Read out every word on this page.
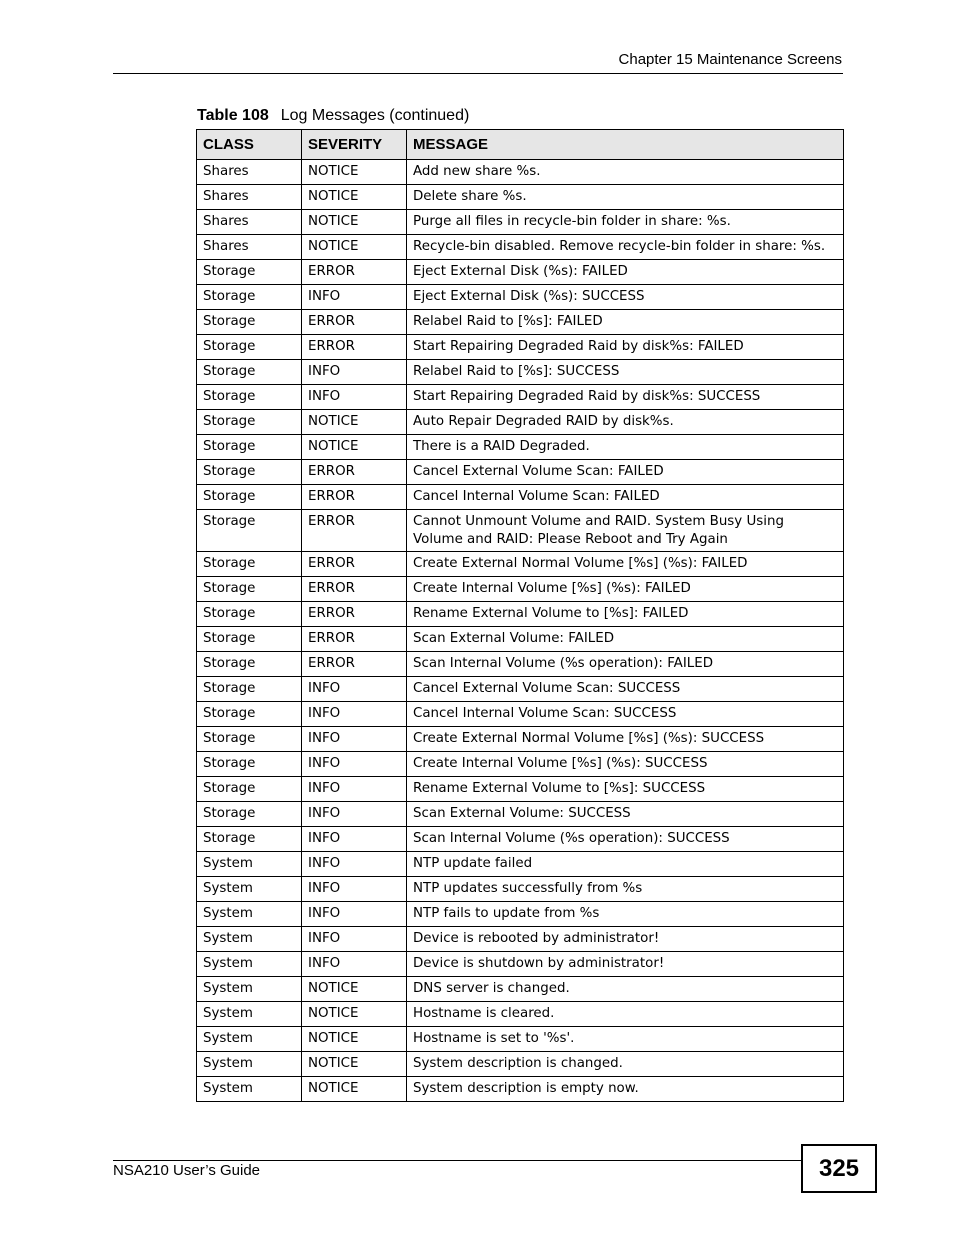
Chapter 15 Maintenance Screens
Table 108 Log Messages (continued)
CLASS	SEVERITY	MESSAGE
Shares	NOTICE	Add new share %s.
Shares	NOTICE	Delete share %s.
Shares	NOTICE	Purge all files in recycle-bin folder in share: %s.
Shares	NOTICE	Recycle-bin disabled. Remove recycle-bin folder in share: %s.
Storage	ERROR	Eject External Disk (%s): FAILED
Storage	INFO	Eject External Disk (%s): SUCCESS
Storage	ERROR	Relabel Raid to [%s]: FAILED
Storage	ERROR	Start Repairing Degraded Raid by disk%s: FAILED
Storage	INFO	Relabel Raid to [%s]: SUCCESS
Storage	INFO	Start Repairing Degraded Raid by disk%s: SUCCESS
Storage	NOTICE	Auto Repair Degraded RAID by disk%s.
Storage	NOTICE	There is a RAID Degraded.
Storage	ERROR	Cancel External Volume Scan: FAILED
Storage	ERROR	Cancel Internal Volume Scan: FAILED
Storage	ERROR	Cannot Unmount Volume and RAID. System Busy Using Volume and RAID: Please Reboot and Try Again
Storage	ERROR	Create External Normal Volume [%s] (%s): FAILED
Storage	ERROR	Create Internal Volume [%s] (%s): FAILED
Storage	ERROR	Rename External Volume to [%s]: FAILED
Storage	ERROR	Scan External Volume: FAILED
Storage	ERROR	Scan Internal Volume (%s operation): FAILED
Storage	INFO	Cancel External Volume Scan: SUCCESS
Storage	INFO	Cancel Internal Volume Scan: SUCCESS
Storage	INFO	Create External Normal Volume [%s] (%s): SUCCESS
Storage	INFO	Create Internal Volume [%s] (%s): SUCCESS
Storage	INFO	Rename External Volume to [%s]: SUCCESS
Storage	INFO	Scan External Volume: SUCCESS
Storage	INFO	Scan Internal Volume (%s operation): SUCCESS
System	INFO	NTP update failed
System	INFO	NTP updates successfully from %s
System	INFO	NTP fails to update from %s
System	INFO	Device is rebooted by administrator!
System	INFO	Device is shutdown by administrator!
System	NOTICE	DNS server is changed.
System	NOTICE	Hostname is cleared.
System	NOTICE	Hostname is set to '%s'.
System	NOTICE	System description is changed.
System	NOTICE	System description is empty now.
NSA210 User’s Guide	325
